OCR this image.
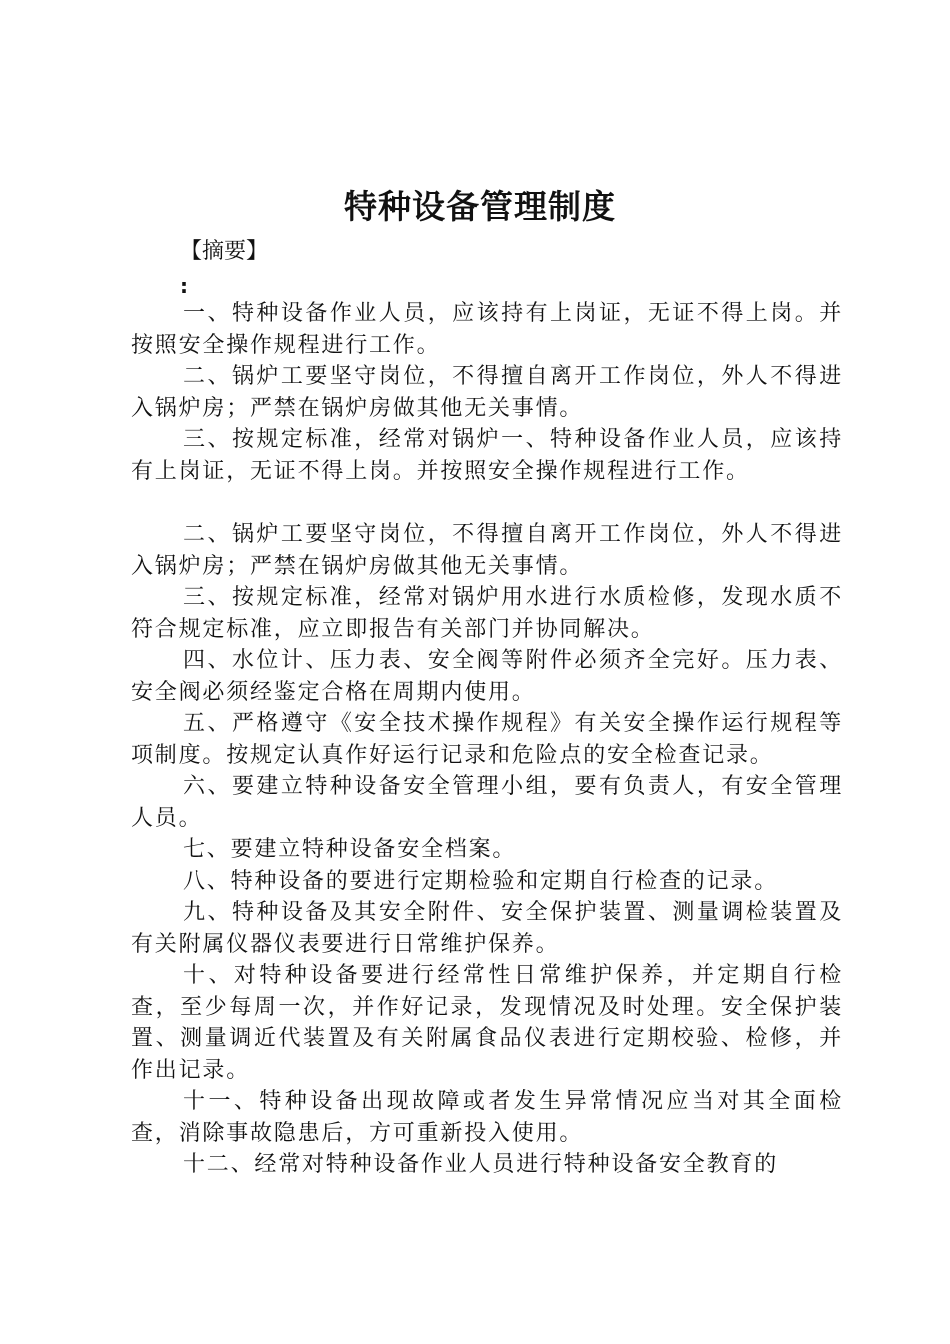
特种设备管理制度

【摘要】

:

一、特种设备作业人员，应该持有上岗证，无证不得上岗。并按照安全操作规程进行工作。

二、锅炉工要坚守岗位，不得擅自离开工作岗位，外人不得进入锅炉房；严禁在锅炉房做其他无关事情。

三、按规定标准，经常对锅炉一、特种设备作业人员，应该持有上岗证，无证不得上岗。并按照安全操作规程进行工作。

二、锅炉工要坚守岗位，不得擅自离开工作岗位，外人不得进入锅炉房；严禁在锅炉房做其他无关事情。

三、按规定标准，经常对锅炉用水进行水质检修，发现水质不符合规定标准，应立即报告有关部门并协同解决。

四、水位计、压力表、安全阀等附件必须齐全完好。压力表、安全阀必须经鉴定合格在周期内使用。

五、严格遵守《安全技术操作规程》有关安全操作运行规程等项制度。按规定认真作好运行记录和危险点的安全检查记录。

六、要建立特种设备安全管理小组，要有负责人，有安全管理人员。

七、要建立特种设备安全档案。

八、特种设备的要进行定期检验和定期自行检查的记录。

九、特种设备及其安全附件、安全保护装置、测量调检装置及有关附属仪器仪表要进行日常维护保养。

十、对特种设备要进行经常性日常维护保养，并定期自行检查，至少每周一次，并作好记录，发现情况及时处理。安全保护装置、测量调近代装置及有关附属食品仪表进行定期校验、检修，并作出记录。

十一、特种设备出现故障或者发生异常情况应当对其全面检查，消除事故隐患后，方可重新投入使用。

十二、经常对特种设备作业人员进行特种设备安全教育的
